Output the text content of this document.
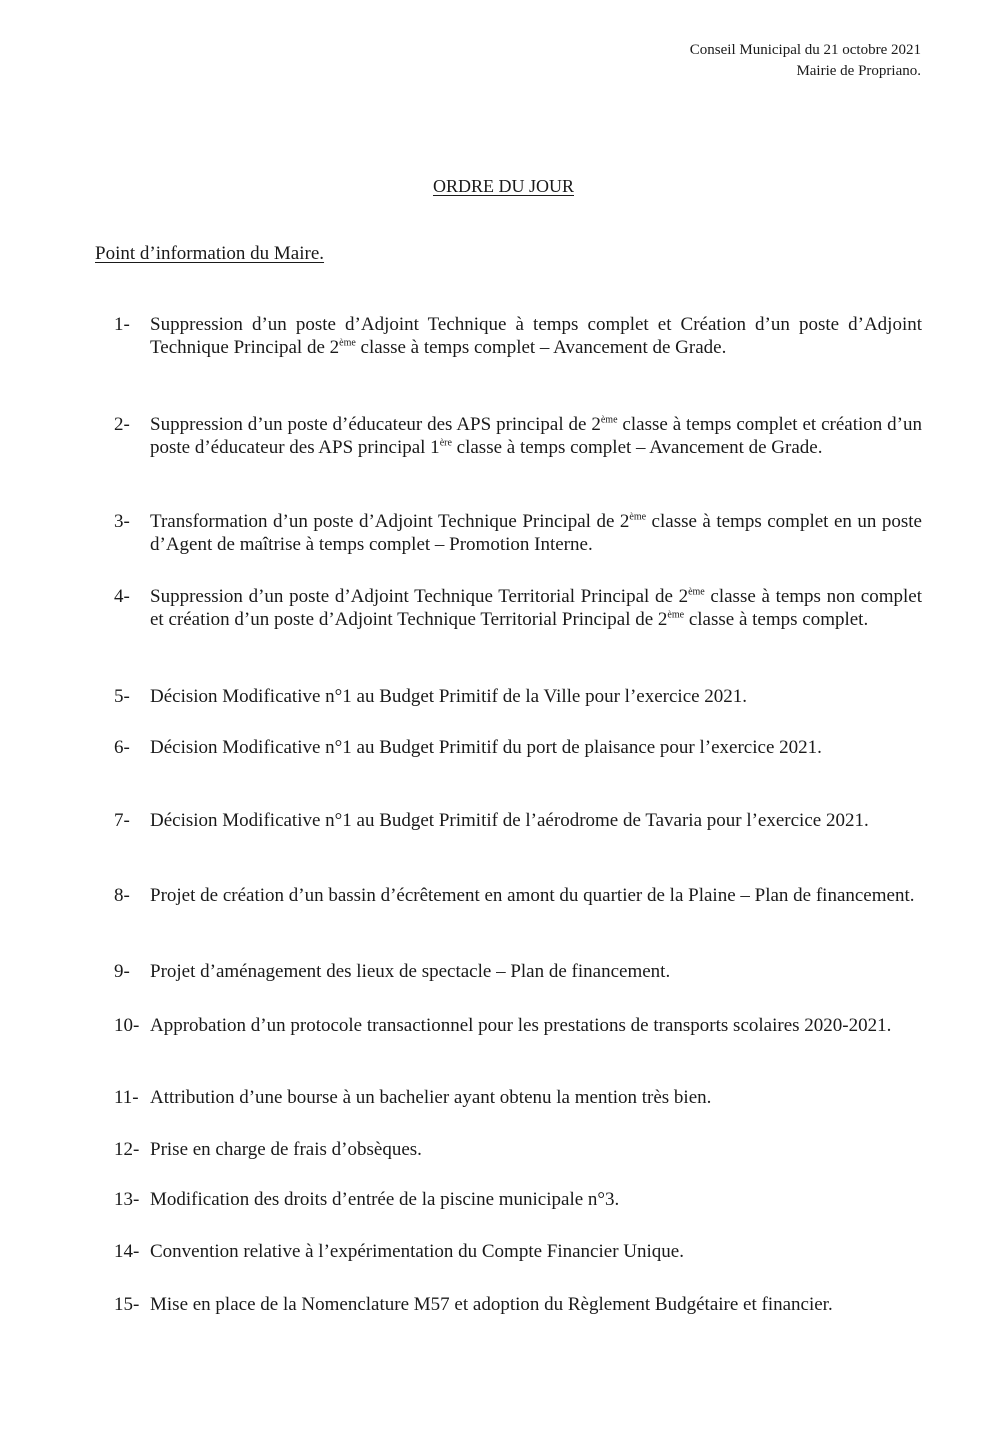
Conseil Municipal du 21 octobre 2021
Mairie de Propriano.
ORDRE DU JOUR
Point d’information du Maire.
1-	Suppression d’un poste d’Adjoint Technique à temps complet et Création d’un poste d’Adjoint Technique Principal de 2ème classe à temps complet – Avancement de Grade.
2-	Suppression d’un poste d’éducateur des APS principal de 2ème classe à temps complet et création d’un poste d’éducateur des APS principal 1ère classe à temps complet – Avancement de Grade.
3-	Transformation d’un poste d’Adjoint Technique Principal de 2ème classe à temps complet en un poste d’Agent de maîtrise à temps complet – Promotion Interne.
4-	Suppression d’un poste d’Adjoint Technique Territorial Principal de 2ème classe à temps non complet et création d’un poste d’Adjoint Technique Territorial Principal de 2ème classe à temps complet.
5-	Décision Modificative n°1 au Budget Primitif de la Ville pour l’exercice 2021.
6-	Décision Modificative n°1 au Budget Primitif du port de plaisance pour l’exercice 2021.
7-	Décision Modificative n°1 au Budget Primitif de l’aérodrome de Tavaria pour l’exercice 2021.
8-	Projet de création d’un bassin d’écrêtement en amont du quartier de la Plaine – Plan de financement.
9-	Projet d’aménagement des lieux de spectacle – Plan de financement.
10- Approbation d’un protocole transactionnel pour les prestations de transports scolaires 2020-2021.
11- Attribution d’une bourse à un bachelier ayant obtenu la mention très bien.
12- Prise en charge de frais d’obsèques.
13- Modification des droits d’entrée de la piscine municipale n°3.
14- Convention relative à l’expérimentation du Compte Financier Unique.
15- Mise en place de la Nomenclature M57 et adoption du Règlement Budgétaire et financier.
